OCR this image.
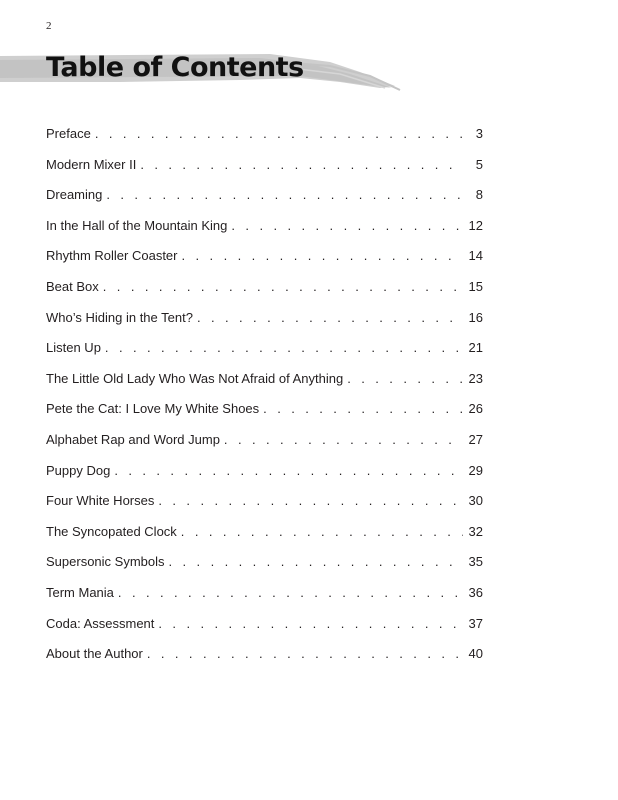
2
Table of Contents
Preface . . .	3
Modern Mixer II . . .	5
Dreaming . . .	8
In the Hall of the Mountain King . . .	12
Rhythm Roller Coaster . . .	14
Beat Box . . .	15
Who’s Hiding in the Tent? . . .	16
Listen Up . . .	21
The Little Old Lady Who Was Not Afraid of Anything . . .	23
Pete the Cat: I Love My White Shoes . . .	26
Alphabet Rap and Word Jump . . .	27
Puppy Dog . . .	29
Four White Horses . . .	30
The Syncopated Clock . . .	32
Supersonic Symbols . . .	35
Term Mania . . .	36
Coda: Assessment . . .	37
About the Author . . .	40
